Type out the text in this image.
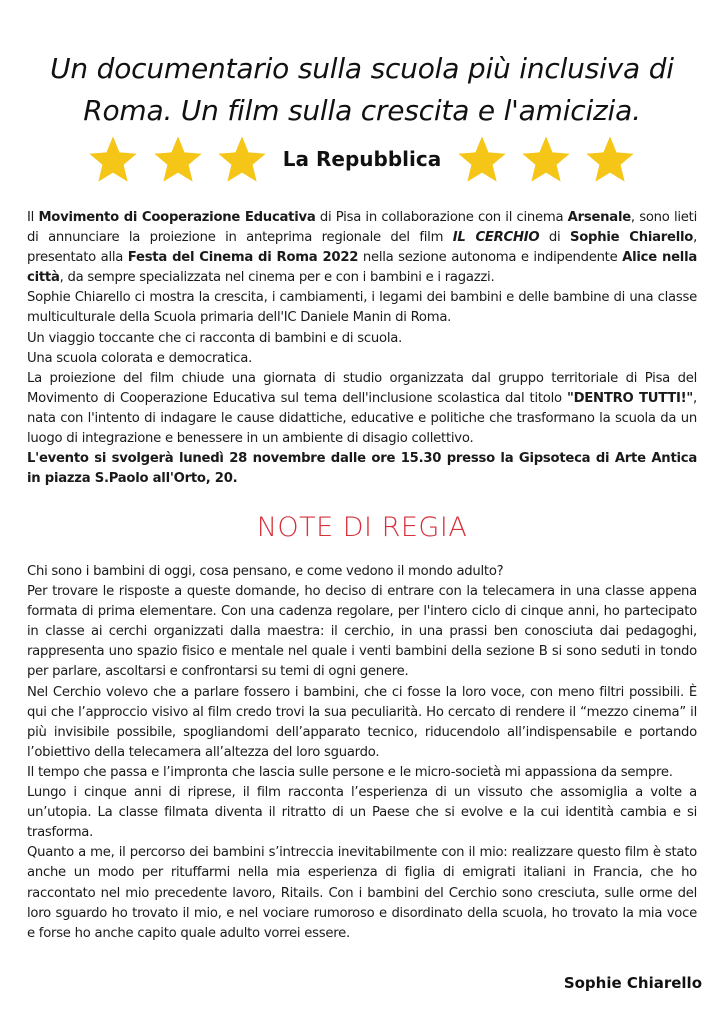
Un documentario sulla scuola più inclusiva di
Roma. Un film sulla crescita e l'amicizia.
La Repubblica

Il Movimento di Cooperazione Educativa di Pisa in collaborazione con il cinema Arsenale, sono lieti di annunciare la proiezione in anteprima regionale del film IL CERCHIO di Sophie Chiarello, presentato alla Festa del Cinema di Roma 2022 nella sezione autonoma e indipendente Alice nella città, da sempre specializzata nel cinema per e con i bambini e i ragazzi.

Sophie Chiarello ci mostra la crescita, i cambiamenti, i legami dei bambini e delle bambine di una classe multiculturale della Scuola primaria dell'IC Daniele Manin di Roma.

Un viaggio toccante che ci racconta di bambini e di scuola.

Una scuola colorata e democratica.

La proiezione del film chiude una giornata di studio organizzata dal gruppo territoriale di Pisa del Movimento di Cooperazione Educativa sul tema dell'inclusione scolastica dal titolo "DENTRO TUTTI!", nata con l'intento di indagare le cause didattiche, educative e politiche che trasformano la scuola da un luogo di integrazione e benessere in un ambiente di disagio collettivo.

L'evento si svolgerà lunedì 28 novembre dalle ore 15.30 presso la Gipsoteca di Arte Antica in piazza S.Paolo all'Orto, 20.

NOTE DI REGIA

Chi sono i bambini di oggi, cosa pensano, e come vedono il mondo adulto?

Per trovare le risposte a queste domande, ho deciso di entrare con la telecamera in una classe appena formata di prima elementare. Con una cadenza regolare, per l'intero ciclo di cinque anni, ho partecipato in classe ai cerchi organizzati dalla maestra: il cerchio, in una prassi ben conosciuta dai pedagoghi, rappresenta uno spazio fisico e mentale nel quale i venti bambini della sezione B si sono seduti in tondo per parlare, ascoltarsi e confrontarsi su temi di ogni genere.

Nel Cerchio volevo che a parlare fossero i bambini, che ci fosse la loro voce, con meno filtri possibili. È qui che l’approccio visivo al film credo trovi la sua peculiarità. Ho cercato di rendere il “mezzo cinema” il più invisibile possibile, spogliandomi dell’apparato tecnico, riducendolo all’indispensabile e portando l’obiettivo della telecamera all’altezza del loro sguardo.

Il tempo che passa e l’impronta che lascia sulle persone e le micro-società mi appassiona da sempre.

Lungo i cinque anni di riprese, il film racconta l’esperienza di un vissuto che assomiglia a volte a un’utopia. La classe filmata diventa il ritratto di un Paese che si evolve e la cui identità cambia e si trasforma.

Quanto a me, il percorso dei bambini s’intreccia inevitabilmente con il mio: realizzare questo film è stato anche un modo per rituffarmi nella mia esperienza di figlia di emigrati italiani in Francia, che ho raccontato nel mio precedente lavoro, Ritails. Con i bambini del Cerchio sono cresciuta, sulle orme del loro sguardo ho trovato il mio, e nel vociare rumoroso e disordinato della scuola, ho trovato la mia voce e forse ho anche capito quale adulto vorrei essere.

Sophie Chiarello
